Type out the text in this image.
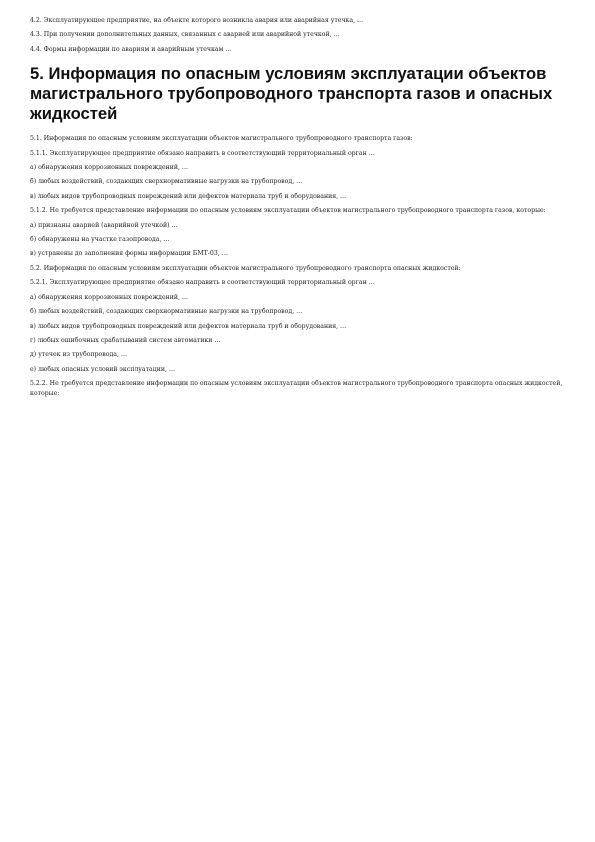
4.2. Эксплуатирующее предприятие, на объекте которого возникла авария или аварийная утечка, …

4.3. При получении дополнительных данных, связанных с аварией или аварийной утечкой, …

4.4. Формы информации по авариям и аварийным утечкам …

5. Информация по опасным условиям эксплуатации объектов магистрального трубопроводного транспорта газов и опасных жидкостей

5.1. Информация по опасным условиям эксплуатации объектов магистрального трубопроводного транспорта газов:

5.1.1. Эксплуатирующее предприятие обязано направить в соответствующий территориальный орган …

а) обнаружения коррозионных повреждений, …

б) любых воздействий, создающих сверхнормативные нагрузки на трубопровод, …

в) любых видов трубопроводных повреждений или дефектов материала труб и оборудования, …

5.1.2. Не требуется представление информации по опасным условиям эксплуатации объектов магистрального трубопроводного транспорта газов, которые:

а) признаны аварией (аварийной утечкой) …

б) обнаружены на участке газопровода, …

в) устранены до заполнения формы информации БМТ-03, …

5.2. Информация по опасным условиям эксплуатации объектов магистрального трубопроводного транспорта опасных жидкостей:

5.2.1. Эксплуатирующее предприятие обязано направить в соответствующий территориальный орган …

а) обнаружения коррозионных повреждений, …

б) любых воздействий, создающих сверхнормативные нагрузки на трубопровод, …

в) любых видов трубопроводных повреждений или дефектов материала труб и оборудования, …

г) любых ошибочных срабатываний систем автоматики …

д) утечек из трубопровода, …

е) любых опасных условий эксплуатации, …

5.2.2. Не требуется представление информации по опасным условиям эксплуатации объектов магистрального трубопроводного транспорта опасных жидкостей, которые:
